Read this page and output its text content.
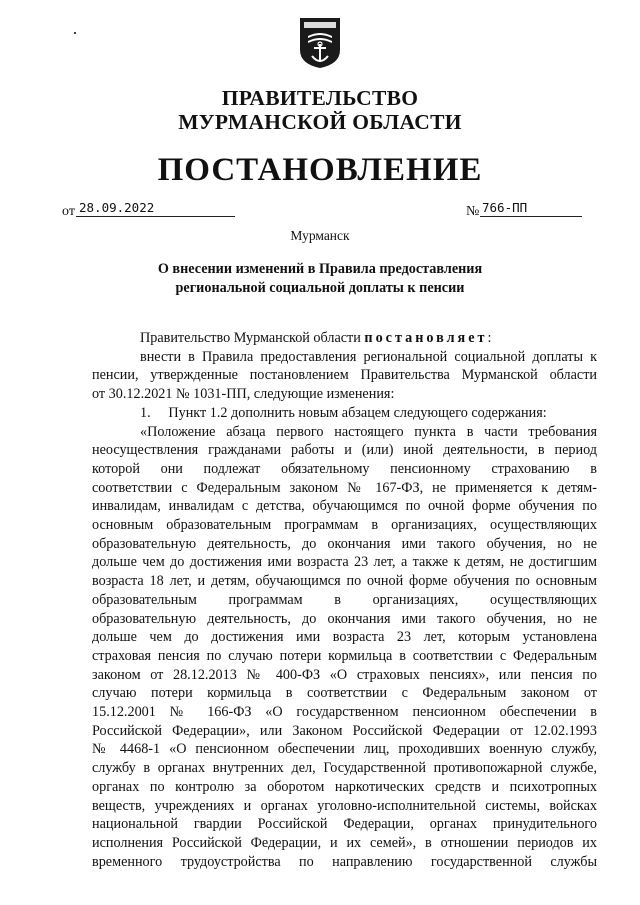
ПРАВИТЕЛЬСТВО
МУРМАНСКОЙ ОБЛАСТИ
ПОСТАНОВЛЕНИЕ
от 28.09.2022	№ 766-ПП
Мурманск
О внесении изменений в Правила предоставления
региональной социальной доплаты к пенсии
Правительство Мурманской области постановляет:
внести в Правила предоставления региональной социальной доплаты к
пенсии, утвержденные постановлением Правительства Мурманской области
от 30.12.2021 № 1031-ПП, следующие изменения:
1.     Пункт 1.2 дополнить новым абзацем следующего содержания:
«Положение абзаца первого настоящего пункта в части требования
неосуществления гражданами работы и (или) иной деятельности, в период
которой они подлежат обязательному пенсионному страхованию в
соответствии с Федеральным законом № 167-ФЗ, не применяется к детям-
инвалидам, инвалидам с детства, обучающимся по очной форме обучения по
основным образовательным программам в организациях, осуществляющих
образовательную деятельность, до окончания ими такого обучения, но не
дольше чем до достижения ими возраста 23 лет, а также к детям, не достигшим
возраста 18 лет, и детям, обучающимся по очной форме обучения по основным
образовательным программам в организациях, осуществляющих
образовательную деятельность, до окончания ими такого обучения, но не
дольше чем до достижения ими возраста 23 лет, которым установлена
страховая пенсия по случаю потери кормильца в соответствии с Федеральным
законом от 28.12.2013 № 400-ФЗ «О страховых пенсиях», или пенсия по
случаю потери кормильца в соответствии с Федеральным законом от
15.12.2001 № 166-ФЗ «О государственном пенсионном обеспечении в
Российской Федерации», или Законом Российской Федерации от 12.02.1993
№ 4468-1 «О пенсионном обеспечении лиц, проходивших военную службу,
службу в органах внутренних дел, Государственной противопожарной службе,
органах по контролю за оборотом наркотических средств и психотропных
веществ, учреждениях и органах уголовно-исполнительной системы, войсках
национальной гвардии Российской Федерации, органах принудительного
исполнения Российской Федерации, и их семей», в отношении периодов их
временного трудоустройства по направлению государственной службы
